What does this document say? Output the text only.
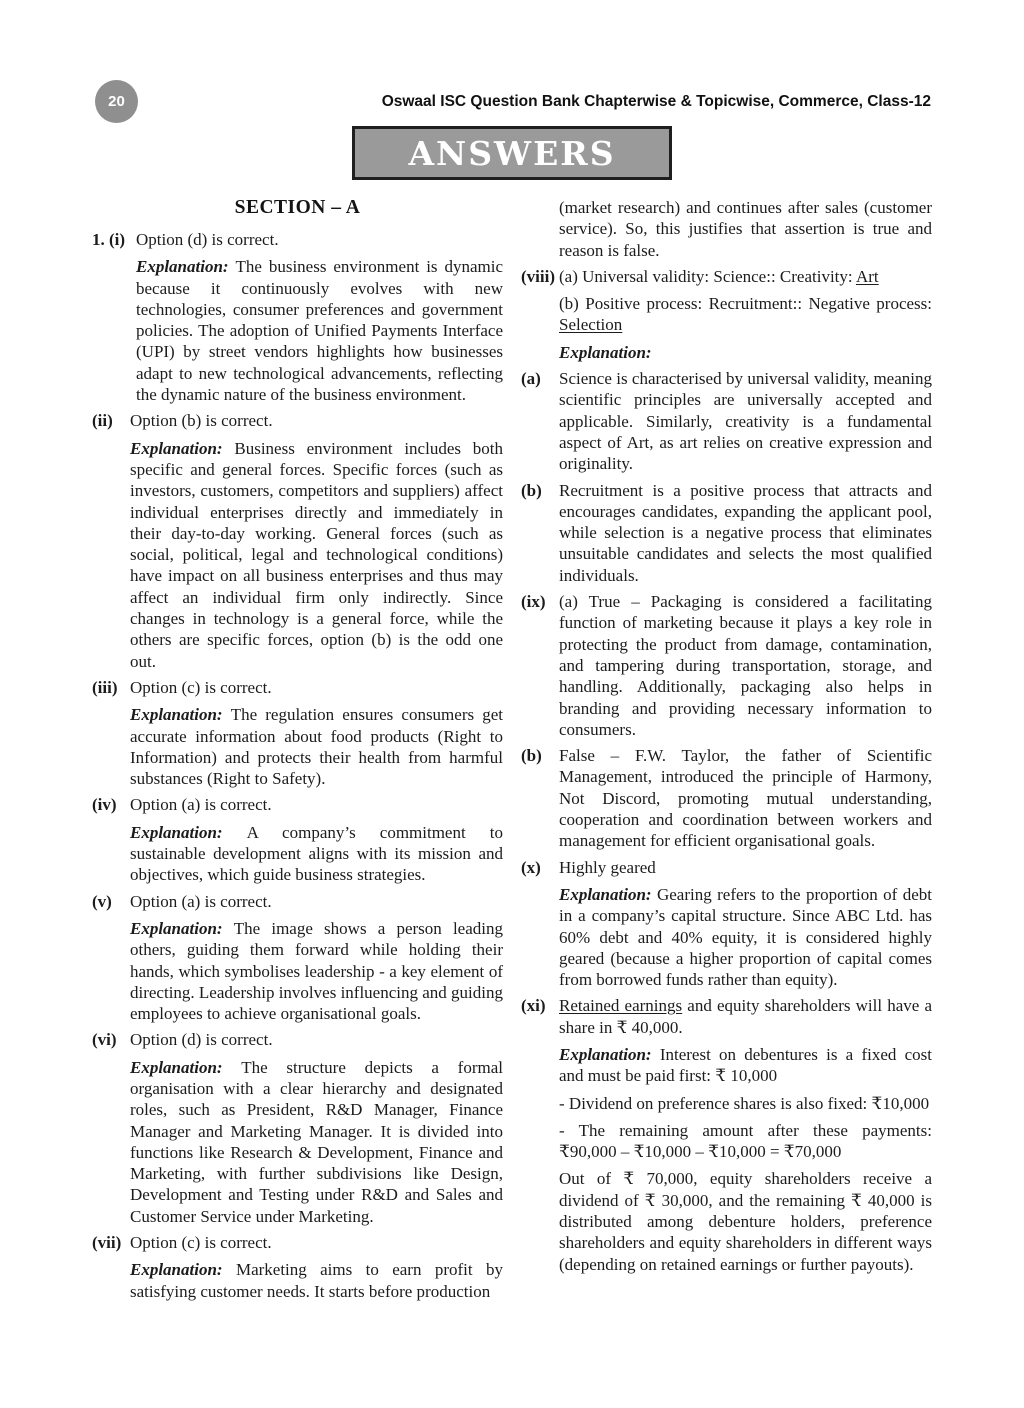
20	Oswaal ISC Question Bank Chapterwise & Topicwise, Commerce, Class-12
ANSWERS
SECTION – A
1. (i) Option (d) is correct.
Explanation: The business environment is dynamic because it continuously evolves with new technologies, consumer preferences and government policies. The adoption of Unified Payments Interface (UPI) by street vendors highlights how businesses adapt to new technological advancements, reflecting the dynamic nature of the business environment.
(ii)	Option (b) is correct.
Explanation: Business environment includes both specific and general forces. Specific forces (such as investors, customers, competitors and suppliers) affect individual enterprises directly and immediately in their day-to-day working. General forces (such as social, political, legal and technological conditions) have impact on all business enterprises and thus may affect an individual firm only indirectly. Since changes in technology is a general force, while the others are specific forces, option (b) is the odd one out.
(iii) Option (c) is correct.
Explanation: The regulation ensures consumers get accurate information about food products (Right to Information) and protects their health from harmful substances (Right to Safety).
(iv) Option (a) is correct.
Explanation: A company’s commitment to sustainable development aligns with its mission and objectives, which guide business strategies.
(v)	Option (a) is correct.
Explanation: The image shows a person leading others, guiding them forward while holding their hands, which symbolises leadership - a key element of directing. Leadership involves influencing and guiding employees to achieve organisational goals.
(vi) Option (d) is correct.
Explanation: The structure depicts a formal organisation with a clear hierarchy and designated roles, such as President, R&D Manager, Finance Manager and Marketing Manager. It is divided into functions like Research & Development, Finance and Marketing, with further subdivisions like Design, Development and Testing under R&D and Sales and Customer Service under Marketing.
(vii) Option (c) is correct.
Explanation: Marketing aims to earn profit by satisfying customer needs. It starts before production
(market research) and continues after sales (customer service). So, this justifies that assertion is true and reason is false.
(viii) (a) Universal validity: Science:: Creativity: Art
(b) Positive process: Recruitment:: Negative process: Selection
Explanation:
(a)	Science is characterised by universal validity, meaning scientific principles are universally accepted and applicable. Similarly, creativity is a fundamental aspect of Art, as art relies on creative expression and originality.
(b)	Recruitment is a positive process that attracts and encourages candidates, expanding the applicant pool, while selection is a negative process that eliminates unsuitable candidates and selects the most qualified individuals.
(ix) (a) True – Packaging is considered a facilitating function of marketing because it plays a key role in protecting the product from damage, contamination, and tampering during transportation, storage, and handling. Additionally, packaging also helps in branding and providing necessary information to consumers.
(b)	False – F.W. Taylor, the father of Scientific Management, introduced the principle of Harmony, Not Discord, promoting mutual understanding, cooperation and coordination between workers and management for efficient organisational goals.
(x)	Highly geared
Explanation: Gearing refers to the proportion of debt in a company’s capital structure. Since ABC Ltd. has 60% debt and 40% equity, it is considered highly geared (because a higher proportion of capital comes from borrowed funds rather than equity).
(xi) Retained earnings and equity shareholders will have a share in ₹ 40,000.
Explanation: Interest on debentures is a fixed cost and must be paid first: ₹ 10,000
- Dividend on preference shares is also fixed: ₹10,000
- The remaining amount after these payments: ₹90,000 – ₹10,000 – ₹10,000 = ₹70,000
Out of ₹ 70,000, equity shareholders receive a dividend of ₹ 30,000, and the remaining ₹ 40,000 is distributed among debenture holders, preference shareholders and equity shareholders in different ways (depending on retained earnings or further payouts).
